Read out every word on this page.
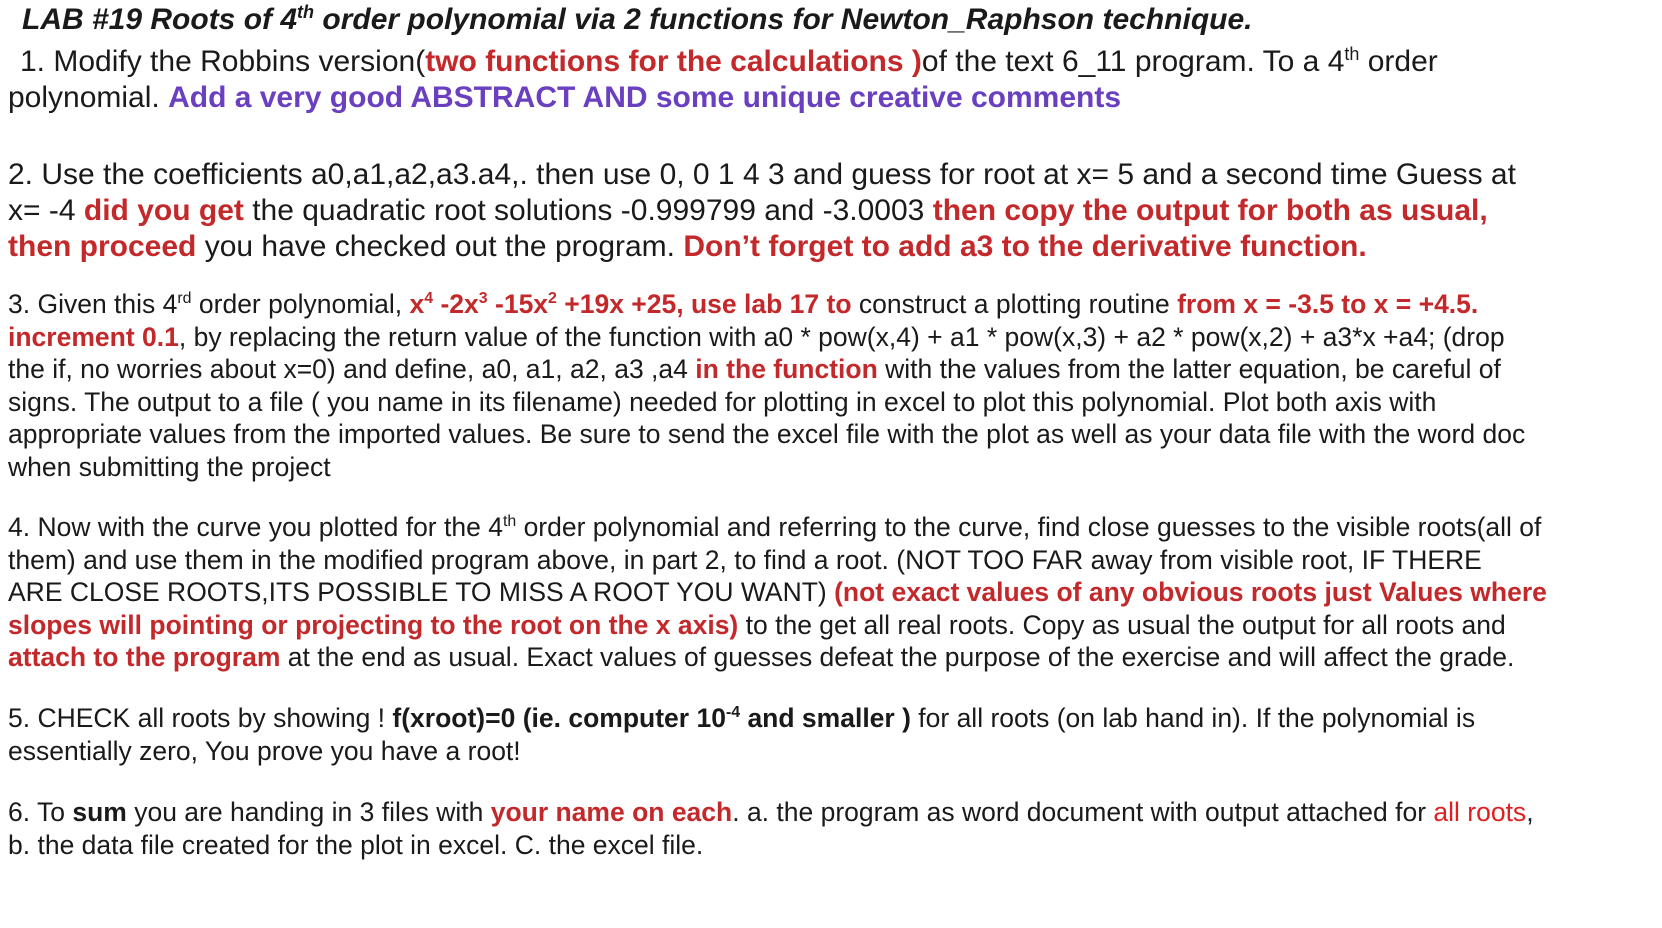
LAB #19 Roots of 4th order polynomial via 2 functions for Newton_Raphson technique.
1. Modify the Robbins version(two functions for the calculations )of the text 6_11 program. To a 4th order
polynomial. Add a very good ABSTRACT AND some unique creative comments
2. Use the coefficients a0,a1,a2,a3.a4,. then use 0, 0 1 4 3 and guess for root at x= 5 and a second time Guess at
x= -4 did you get the quadratic root solutions -0.999799 and -3.0003 then copy the output for both as usual,
then proceed you have checked out the program. Don’t forget to add a3 to the derivative function.
3. Given this 4rd order polynomial, $x^4$ $-2x^3$ $-15x^2 +19x +25$, use lab 17 to construct a plotting routine from x = -3.5 to x = +4.5.
increment 0.1, by replacing the return value of the function with a0 * pow(x,4) + a1 * pow(x,3) + a2 * pow(x,2) + a3*x +a4; (drop
the if, no worries about x=0) and define, a0, a1, a2, a3 ,a4 in the function with the values from the latter equation, be careful of
signs. The output to a file ( you name in its filename) needed for plotting in excel to plot this polynomial. Plot both axis with
appropriate values from the imported values. Be sure to send the excel file with the plot as well as your data file with the word doc
when submitting the project
4. Now with the curve you plotted for the 4th order polynomial and referring to the curve, find close guesses to the visible roots(all of
them) and use them in the modified program above, in part 2, to find a root. (NOT TOO FAR away from visible root, IF THERE
ARE CLOSE ROOTS,ITS POSSIBLE TO MISS A ROOT YOU WANT) (not exact values of any obvious roots just Values where
slopes will pointing or projecting to the root on the x axis) to the get all real roots. Copy as usual the output for all roots and
attach to the program at the end as usual. Exact values of guesses defeat the purpose of the exercise and will affect the grade.
5. CHECK all roots by showing ! f(xroot)=0 (ie. computer $10^{-4}$ and smaller ) for all roots (on lab hand in). If the polynomial is
essentially zero, You prove you have a root!
6. To sum you are handing in 3 files with your name on each. a. the program as word document with output attached for all roots,
b. the data file created for the plot in excel. C. the excel file.
